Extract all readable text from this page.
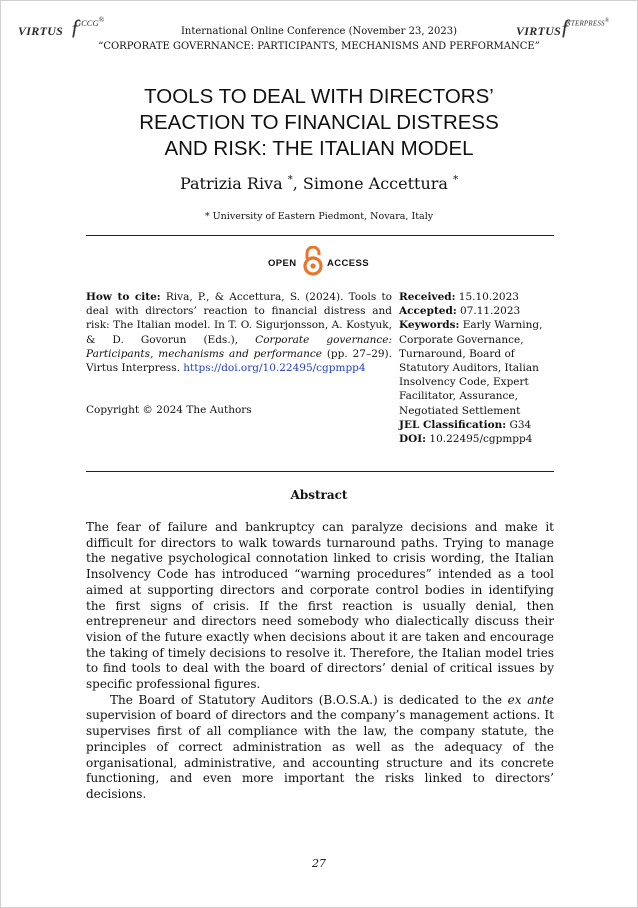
VIRTUS ƒ
GCCG®
VIRTUS
ƒ
NTERPRESS®
International Online Conference (November 23, 2023)
“CORPORATE GOVERNANCE: PARTICIPANTS, MECHANISMS AND PERFORMANCE”
TOOLS TO DEAL WITH DIRECTORS’
REACTION TO FINANCIAL DISTRESS
AND RISK: THE ITALIAN MODEL
Patrizia Riva *, Simone Accettura *
* University of Eastern Piedmont, Novara, Italy
OPEN	ACCESS
How to cite: Riva, P., & Accettura, S. (2024). Tools to deal with directors’ reaction to financial distress and risk: The Italian model. In T. O. Sigurjonsson, A. Kostyuk, & D. Govorun (Eds.), Corporate governance: Participants, mechanisms and performance (pp. 27–29). Virtus Interpress. https://doi.org/10.22495/cgpmpp4
Copyright © 2024 The Authors
Received: 15.10.2023
Accepted: 07.11.2023
Keywords: Early Warning, Corporate Governance, Turnaround, Board of Statutory Auditors, Italian Insolvency Code, Expert Facilitator, Assurance, Negotiated Settlement
JEL Classification: G34
DOI: 10.22495/cgpmpp4
Abstract

The fear of failure and bankruptcy can paralyze decisions and make it difficult for directors to walk towards turnaround paths. Trying to manage the negative psychological connotation linked to crisis wording, the Italian Insolvency Code has introduced “warning procedures” intended as a tool aimed at supporting directors and corporate control bodies in identifying the first signs of crisis. If the first reaction is usually denial, then entrepreneur and directors need somebody who dialectically discuss their vision of the future exactly when decisions about it are taken and encourage the taking of timely decisions to resolve it. Therefore, the Italian model tries to find tools to deal with the board of directors’ denial of critical issues by specific professional figures.

The Board of Statutory Auditors (B.O.S.A.) is dedicated to the ex ante supervision of board of directors and the company’s management actions. It supervises first of all compliance with the law, the company statute, the principles of correct administration as well as the adequacy of the organisational, administrative, and accounting structure and its concrete functioning, and even more important the risks linked to directors’ decisions.

27
